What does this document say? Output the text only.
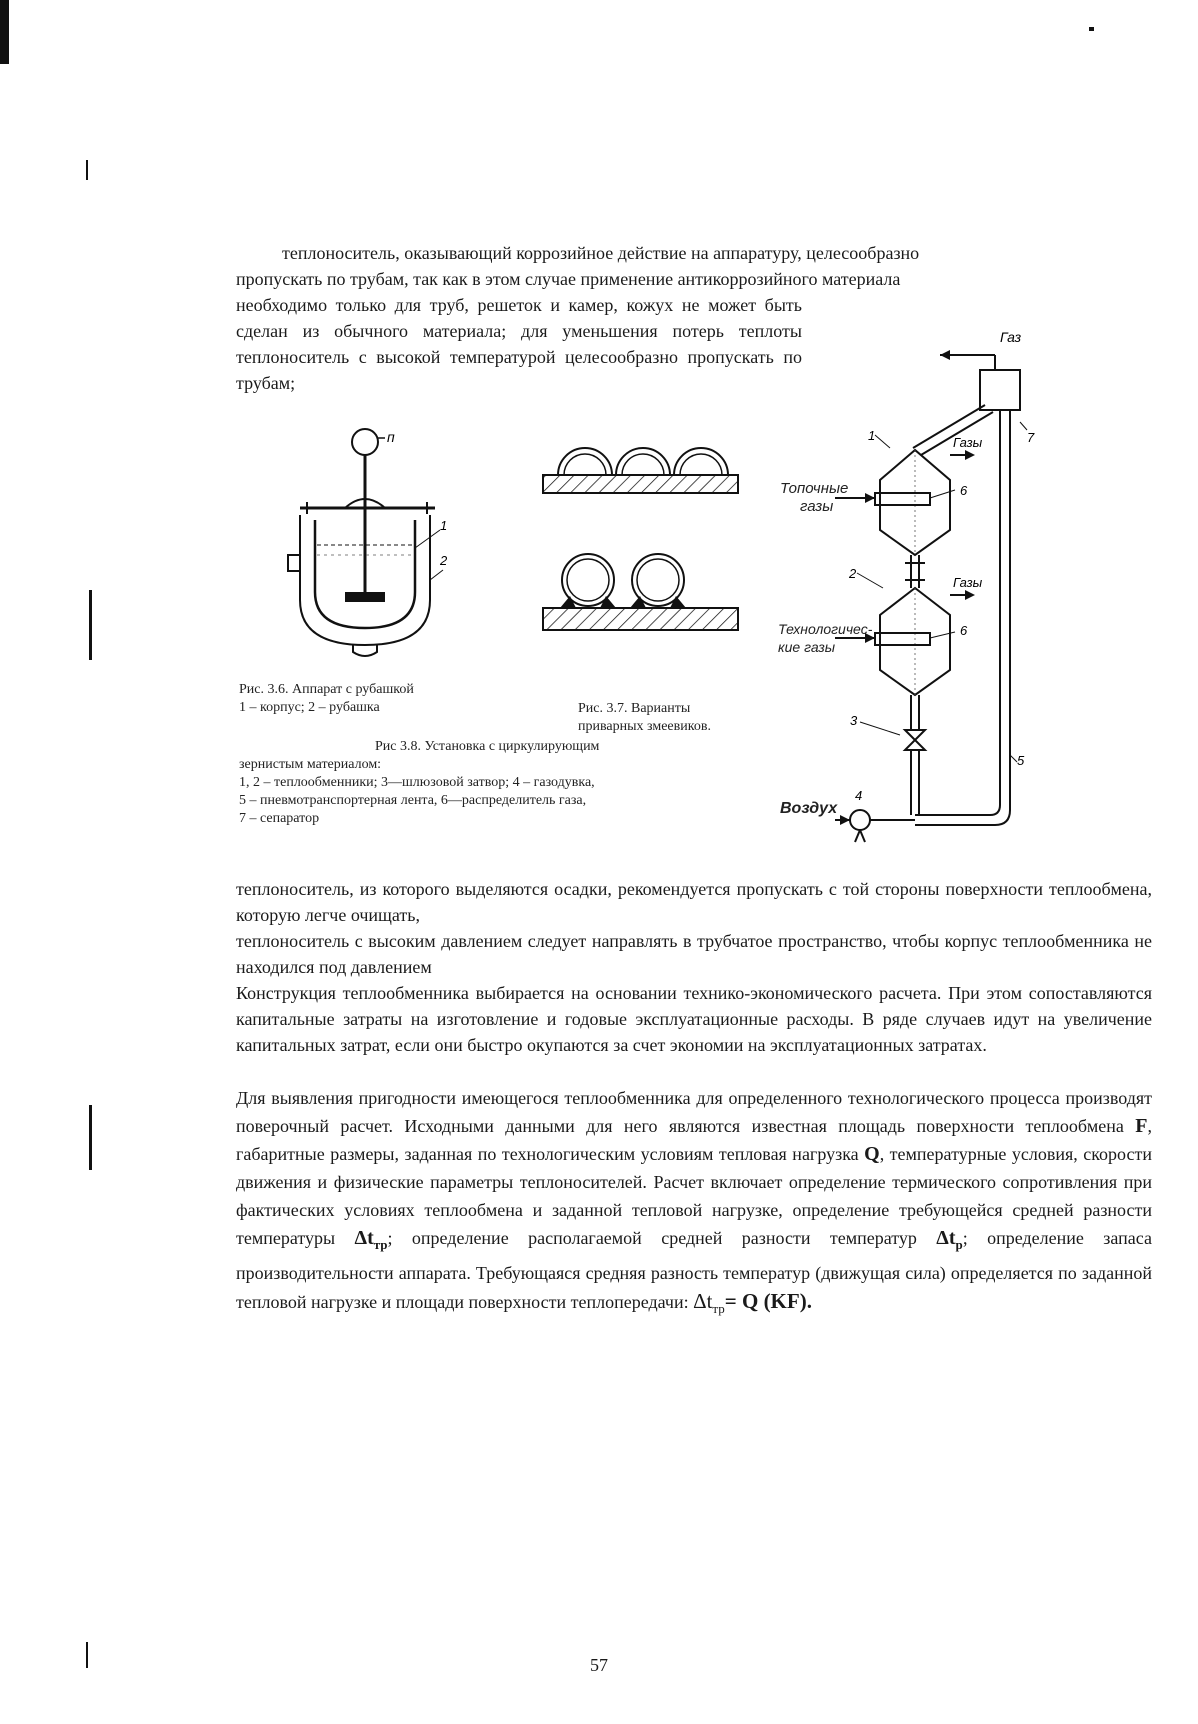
теплоноситель, оказывающий коррозийное действие на аппаратуру, целесообразно

пропускать по трубам, так как в этом случае применение антикоррозийного материала

необходимо только для труб, решеток и камер, кожух не может быть сделан из обычного материала; для уменьшения потерь теплоты теплоноситель с высокой температурой целесообразно пропускать по трубам;

п
1
2

Рис. 3.6. Аппарат с рубашкой
1 – корпус; 2 – рубашка	Рис. 3.7. Варианты
приварных змеевиков.

Рис 3.8. Установка с циркулирующим
зернистым материалом:
1, 2 – теплообменники; 3—шлюзовой затвор; 4 – газодувка,
5 – пневмотранспортерная лента, 6—распределитель газа,
7 – сепаратор

Газ
7
5
1	Газы
6
2
Газы
6
3
4
Топочные
газы
Технологичес-
кие газы
Воздух

теплоноситель, из которого выделяются осадки, рекомендуется пропускать с той стороны поверхности теплообмена, которую легче очищать,

теплоноситель с высоким давлением следует направлять в трубчатое пространство, чтобы корпус теплообменника не находился под давлением

Конструкция теплообменника выбирается на основании технико-экономического расчета. При этом сопоставляются капитальные затраты на изготовление и годовые эксплуатационные расходы. В ряде случаев идут на увеличение капитальных затрат, если они быстро окупаются за счет экономии на эксплуатационных затратах.

Для выявления пригодности имеющегося теплообменника для определенного технологического процесса производят поверочный расчет. Исходными данными для него являются известная площадь поверхности теплообмена F, габаритные размеры, заданная по технологическим условиям тепловая нагрузка Q, температурные условия, скорости движения и физические параметры теплоносителей. Расчет включает определение термического сопротивления при фактических условиях теплообмена и заданной тепловой нагрузке, определение требующейся средней разности температуры $\Delta t_{тр}$; определение располагаемой средней разности температур $\Delta t_р$; определение запаса производительности аппарата. Требующаяся средняя разность температур (движущая сила) определяется по заданной тепловой нагрузке и площади поверхности теплопередачи: $\Delta t_{тр}= Q$ (KF).

57
